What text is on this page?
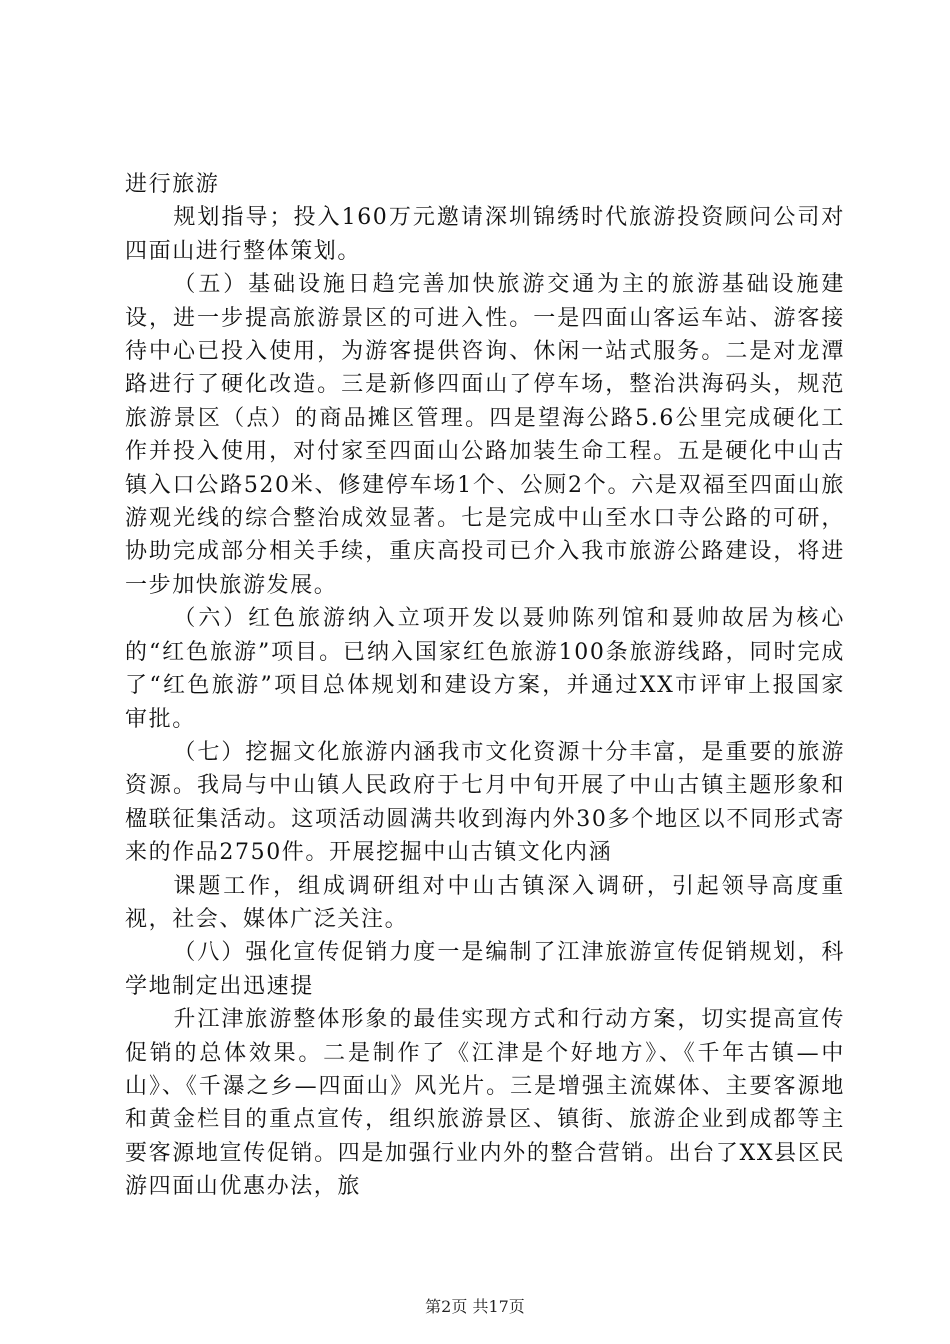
进行旅游

规划指导；投入160万元邀请深圳锦绣时代旅游投资顾问公司对四面山进行整体策划。

（五）基础设施日趋完善加快旅游交通为主的旅游基础设施建设，进一步提高旅游景区的可进入性。一是四面山客运车站、游客接待中心已投入使用，为游客提供咨询、休闲一站式服务。二是对龙潭路进行了硬化改造。三是新修四面山了停车场，整治洪海码头，规范旅游景区（点）的商品摊区管理。四是望海公路5.6公里完成硬化工作并投入使用，对付家至四面山公路加装生命工程。五是硬化中山古镇入口公路520米、修建停车场1个、公厕2个。六是双福至四面山旅游观光线的综合整治成效显著。七是完成中山至水口寺公路的可研，协助完成部分相关手续，重庆高投司已介入我市旅游公路建设，将进一步加快旅游发展。

（六）红色旅游纳入立项开发以聂帅陈列馆和聂帅故居为核心的“红色旅游”项目。已纳入国家红色旅游100条旅游线路，同时完成了“红色旅游”项目总体规划和建设方案，并通过XX市评审上报国家审批。

（七）挖掘文化旅游内涵我市文化资源十分丰富，是重要的旅游资源。我局与中山镇人民政府于七月中旬开展了中山古镇主题形象和楹联征集活动。这项活动圆满共收到海内外30多个地区以不同形式寄来的作品2750件。开展挖掘中山古镇文化内涵

课题工作，组成调研组对中山古镇深入调研，引起领导高度重视，社会、媒体广泛关注。

（八）强化宣传促销力度一是编制了江津旅游宣传促销规划，科学地制定出迅速提

升江津旅游整体形象的最佳实现方式和行动方案，切实提高宣传促销的总体效果。二是制作了《江津是个好地方》、《千年古镇—中山》、《千瀑之乡—四面山》风光片。三是增强主流媒体、主要客源地和黄金栏目的重点宣传，组织旅游景区、镇街、旅游企业到成都等主要客源地宣传促销。四是加强行业内外的整合营销。出台了XX县区民游四面山优惠办法，旅

第2页 共17页
